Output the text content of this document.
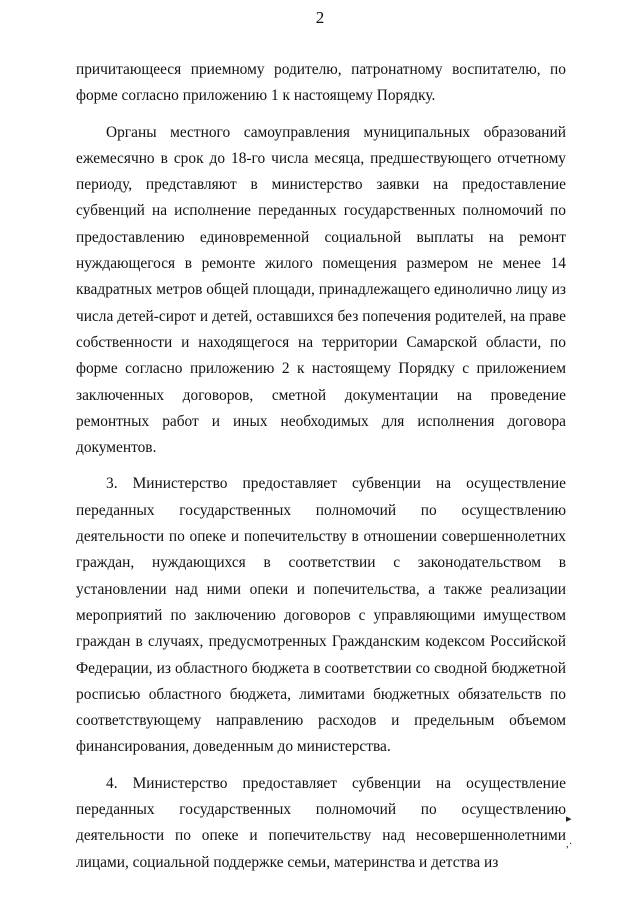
2

причитающееся приемному родителю, патронатному воспитателю, по форме согласно приложению 1 к настоящему Порядку.

Органы местного самоуправления муниципальных образований ежемесячно в срок до 18-го числа месяца, предшествующего отчетному периоду, представляют в министерство заявки на предоставление субвенций на исполнение переданных государственных полномочий по предоставлению единовременной социальной выплаты на ремонт нуждающегося в ремонте жилого помещения размером не менее 14 квадратных метров общей площади, принадлежащего единолично лицу из числа детей-сирот и детей, оставшихся без попечения родителей, на праве собственности и находящегося на территории Самарской области, по форме согласно приложению 2 к настоящему Порядку с приложением заключенных договоров, сметной документации на проведение ремонтных работ и иных необходимых для исполнения договора документов.

3. Министерство предоставляет субвенции на осуществление переданных государственных полномочий по осуществлению деятельности по опеке и попечительству в отношении совершеннолетних граждан, нуждающихся в соответствии с законодательством в установлении над ними опеки и попечительства, а также реализации мероприятий по заключению договоров с управляющими имуществом граждан в случаях, предусмотренных Гражданским кодексом Российской Федерации, из областного бюджета в соответствии со сводной бюджетной росписью областного бюджета, лимитами бюджетных обязательств по соответствующему направлению расходов и предельным объемом финансирования, доведенным до министерства.

4. Министерство предоставляет субвенции на осуществление переданных государственных полномочий по осуществлению деятельности по опеке и попечительству над несовершеннолетними лицами, социальной поддержке семьи, материнства и детства из

▸
,·
